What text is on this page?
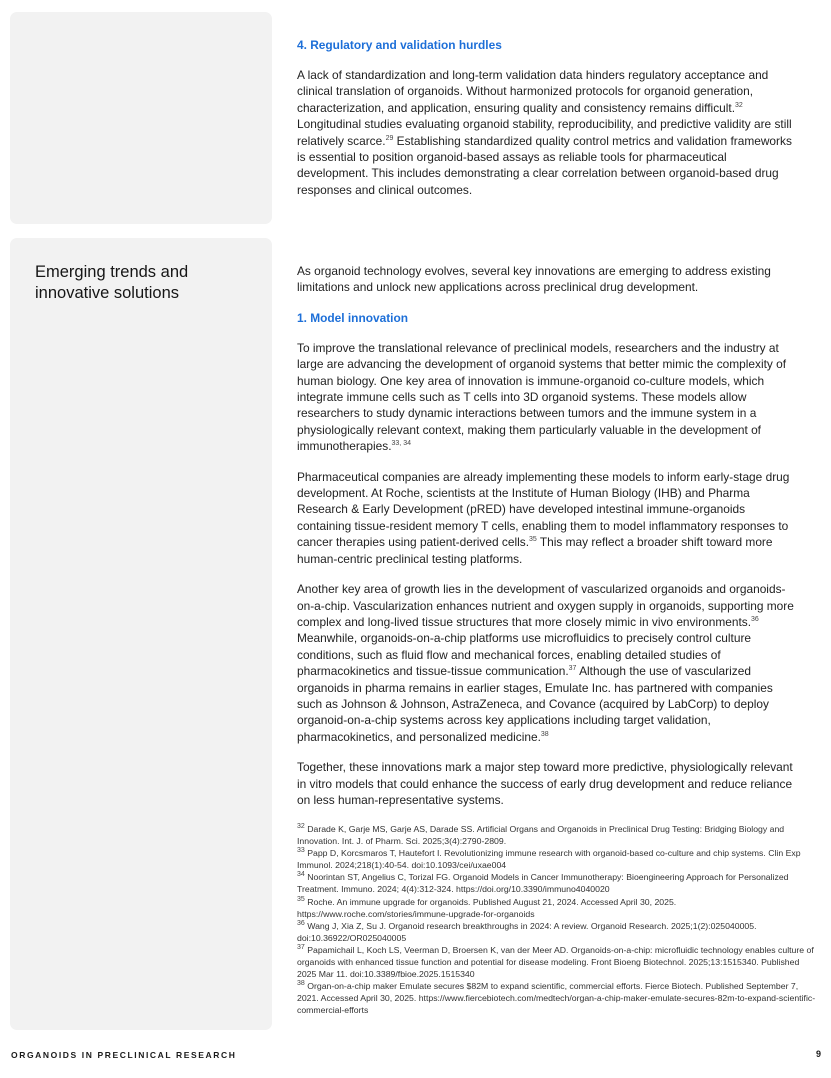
Emerging trends and
innovative solutions
4. Regulatory and validation hurdles

A lack of standardization and long-term validation data hinders regulatory acceptance and clinical translation of organoids. Without harmonized protocols for organoid generation, characterization, and application, ensuring quality and consistency remains difficult.$^{32}$ Longitudinal studies evaluating organoid stability, reproducibility, and predictive validity are still relatively scarce.$^{29}$ Establishing standardized quality control metrics and validation frameworks is essential to position organoid-based assays as reliable tools for pharmaceutical development. This includes demonstrating a clear correlation between organoid-based drug responses and clinical outcomes.

As organoid technology evolves, several key innovations are emerging to address existing limitations and unlock new applications across preclinical drug development.

1. Model innovation

To improve the translational relevance of preclinical models, researchers and the industry at large are advancing the development of organoid systems that better mimic the complexity of human biology. One key area of innovation is immune-organoid co-culture models, which integrate immune cells such as T cells into 3D organoid systems. These models allow researchers to study dynamic interactions between tumors and the immune system in a physiologically relevant context, making them particularly valuable in the development of immunotherapies.$^{33, 34}$

Pharmaceutical companies are already implementing these models to inform early-stage drug development. At Roche, scientists at the Institute of Human Biology (IHB) and Pharma Research & Early Development (pRED) have developed intestinal immune-organoids containing tissue-resident memory T cells, enabling them to model inflammatory responses to cancer therapies using patient-derived cells.$^{35}$ This may reflect a broader shift toward more human-centric preclinical testing platforms.

Another key area of growth lies in the development of vascularized organoids and organoids-on-a-chip. Vascularization enhances nutrient and oxygen supply in organoids, supporting more complex and long-lived tissue structures that more closely mimic in vivo environments.$^{36}$ Meanwhile, organoids-on-a-chip platforms use microfluidics to precisely control culture conditions, such as fluid flow and mechanical forces, enabling detailed studies of pharmacokinetics and tissue-tissue communication.$^{37}$ Although the use of vascularized organoids in pharma remains in earlier stages, Emulate Inc. has partnered with companies such as Johnson & Johnson, AstraZeneca, and Covance (acquired by LabCorp) to deploy organoid-on-a-chip systems across key applications including target validation, pharmacokinetics, and personalized medicine.$^{38}$

Together, these innovations mark a major step toward more predictive, physiologically relevant in vitro models that could enhance the success of early drug development and reduce reliance on less human-representative systems.

$^{32}$ Darade K, Garje MS, Garje AS, Darade SS. Artificial Organs and Organoids in Preclinical Drug Testing: Bridging Biology and Innovation. Int. J. of Pharm. Sci. 2025;3(4):2790-2809.

$^{33}$ Papp D, Korcsmaros T, Hautefort I. Revolutionizing immune research with organoid-based co-culture and chip systems. Clin Exp Immunol. 2024;218(1):40-54. doi:10.1093/cei/uxae004

$^{34}$ Noorintan ST, Angelius C, Torizal FG. Organoid Models in Cancer Immunotherapy: Bioengineering Approach for Personalized Treatment. Immuno. 2024; 4(4):312-324. https://doi.org/10.3390/immuno4040020

$^{35}$ Roche. An immune upgrade for organoids. Published August 21, 2024. Accessed April 30, 2025. https://www.roche.com/stories/immune-upgrade-for-organoids

$^{36}$ Wang J, Xia Z, Su J. Organoid research breakthroughs in 2024: A review. Organoid Research. 2025;1(2):025040005. doi:10.36922/OR025040005

$^{37}$ Papamichail L, Koch LS, Veerman D, Broersen K, van der Meer AD. Organoids-on-a-chip: microfluidic technology enables culture of organoids with enhanced tissue function and potential for disease modeling. Front Bioeng Biotechnol. 2025;13:1515340. Published 2025 Mar 11. doi:10.3389/fbioe.2025.1515340

$^{38}$ Organ-on-a-chip maker Emulate secures $82M to expand scientific, commercial efforts. Fierce Biotech. Published September 7, 2021. Accessed April 30, 2025. https://www.fiercebiotech.com/medtech/organ-a-chip-maker-emulate-secures-82m-to-expand-scientific-commercial-efforts

ORGANOIDS IN PRECLINICAL RESEARCH	9
